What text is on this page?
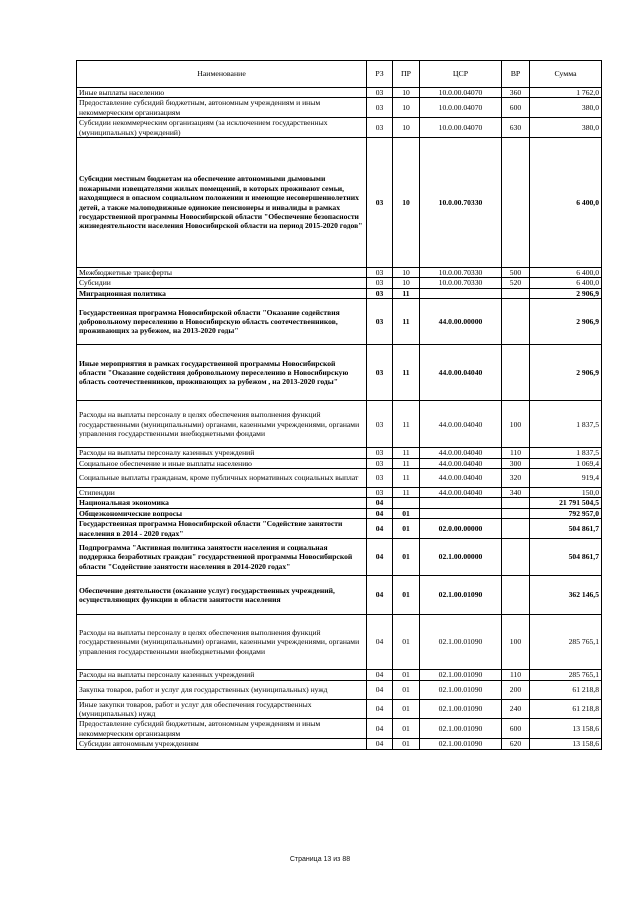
Наименование	РЗ	ПР	ЦСР	ВР	Сумма
Иные выплаты населению	03	10	10.0.00.04070	360	1 762,0
Предоставление субсидий бюджетным, автономным учреждениям и иным некоммерческим организациям	03	10	10.0.00.04070	600	380,0
Субсидии некоммерческим организациям (за исключением государственных (муниципальных) учреждений)	03	10	10.0.00.04070	630	380,0
Субсидии местным бюджетам на обеспечение автономными дымовыми пожарными извещателями жилых помещений, в которых проживают семьи, находящиеся в опасном социальном положении и имеющие несовершеннолетних детей, а также малоподвижные одинокие пенсионеры и инвалиды в рамках государственной программы Новосибирской области "Обеспечение безопасности жизнедеятельности населения Новосибирской области на период 2015-2020 годов"	03	10	10.0.00.70330		6 400,0
Межбюджетные трансферты	03	10	10.0.00.70330	500	6 400,0
Субсидии	03	10	10.0.00.70330	520	6 400,0
Миграционная политика	03	11			2 906,9
Государственная программа Новосибирской области "Оказание содействия добровольному переселению в Новосибирскую область соотечественников, проживающих за рубежом, на 2013-2020 годы"	03	11	44.0.00.00000		2 906,9
Иные мероприятия в рамках государственной программы Новосибирской области "Оказание содействия добровольному переселению в Новосибирскую область соотечественников, проживающих за рубежом , на 2013-2020 годы"	03	11	44.0.00.04040		2 906,9
Расходы на выплаты персоналу в целях обеспечения выполнения функций государственными (муниципальными) органами, казенными учреждениями, органами управления государственными внебюджетными фондами	03	11	44.0.00.04040	100	1 837,5
Расходы на выплаты персоналу казенных учреждений	03	11	44.0.00.04040	110	1 837,5
Социальное обеспечение и иные выплаты населению	03	11	44.0.00.04040	300	1 069,4
Социальные выплаты гражданам, кроме публичных нормативных социальных выплат	03	11	44.0.00.04040	320	919,4
Стипендии	03	11	44.0.00.04040	340	150,0
Национальная экономика	04				21 791 504,5
Общеэкономические вопросы	04	01			792 957,0
Государственная программа Новосибирской области "Содействие занятости населения в 2014 - 2020 годах"	04	01	02.0.00.00000		504 861,7
Подпрограмма "Активная политика занятости населения и социальная поддержка безработных граждан" государственной программы Новосибирской области "Содействие занятости населения в 2014-2020 годах"	04	01	02.1.00.00000		504 861,7
Обеспечение деятельности (оказание услуг) государственных учреждений, осуществляющих функции в области занятости населения	04	01	02.1.00.01090		362 146,5
Расходы на выплаты персоналу в целях обеспечения выполнения функций государственными (муниципальными) органами, казенными учреждениями, органами управления государственными внебюджетными фондами	04	01	02.1.00.01090	100	285 765,1
Расходы на выплаты персоналу казенных учреждений	04	01	02.1.00.01090	110	285 765,1
Закупка товаров, работ и услуг для государственных (муниципальных) нужд	04	01	02.1.00.01090	200	61 218,8
Иные закупки товаров, работ и услуг для обеспечения государственных (муниципальных) нужд	04	01	02.1.00.01090	240	61 218,8
Предоставление субсидий бюджетным, автономным учреждениям и иным некоммерческим организациям	04	01	02.1.00.01090	600	13 158,6
Субсидии автономным учреждениям	04	01	02.1.00.01090	620	13 158,6
Страница 13 из 88
